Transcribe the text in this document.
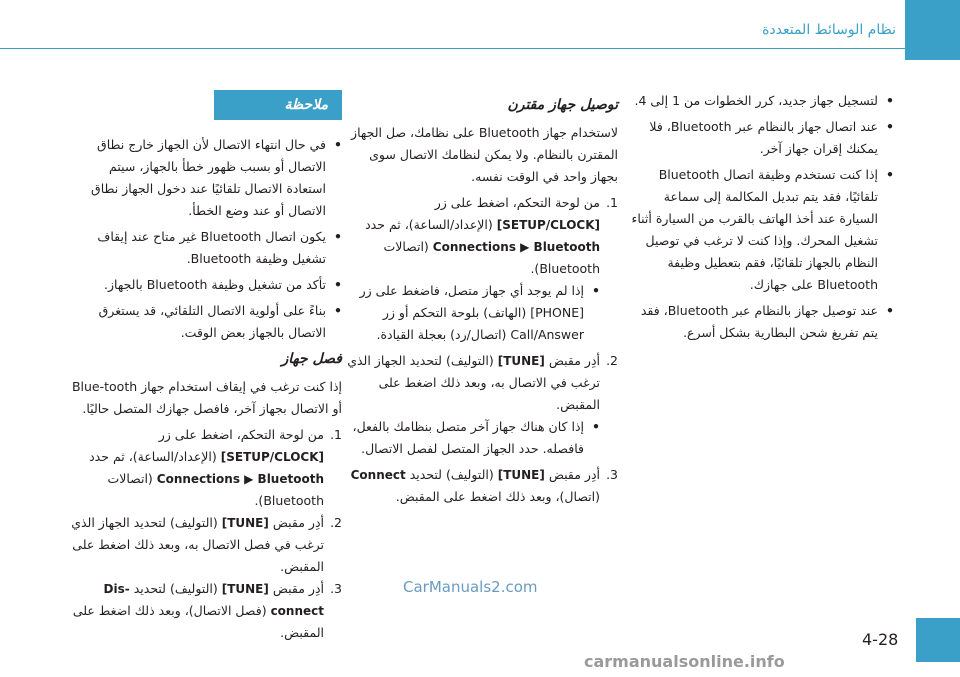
نظام الوسائط المتعددة
• لتسجيل جهاز جديد، كرر الخطوات من 1 إلى 4.
• عند اتصال جهاز بالنظام عبر Bluetooth، فلا يمكنك إقران جهاز آخر.
• إذا كنت تستخدم وظيفة اتصال Bluetooth تلقائيًا، فقد يتم تبديل المكالمة إلى سماعة السيارة عند أخذ الهاتف بالقرب من السيارة أثناء تشغيل المحرك. وإذا كنت لا ترغب في توصيل النظام بالجهاز تلقائيًا، فقم بتعطيل وظيفة Bluetooth على جهازك.
• عند توصيل جهاز بالنظام عبر Bluetooth، فقد يتم تفريغ شحن البطارية بشكل أسرع.
توصيل جهاز مقترن

لاستخدام جهاز Bluetooth على نظامك، صل الجهاز المقترن بالنظام. ولا يمكن لنظامك الاتصال سوى بجهاز واحد في الوقت نفسه.

1.
من لوحة التحكم، اضغط على زر [SETUP/CLOCK] (الإعداد/الساعة)، ثم حدد Connections ▶ Bluetooth (اتصالات Bluetooth).
• إذا لم يوجد أي جهاز متصل، فاضغط على زر [PHONE] (الهاتف) بلوحة التحكم أو زر Call/Answer (اتصال/رد) بعجلة القيادة.
2.
أدِر مقبض [TUNE] (التوليف) لتحديد الجهاز الذي ترغب في الاتصال به، وبعد ذلك اضغط على المقبض.
• إذا كان هناك جهاز آخر متصل بنظامك بالفعل، فافصله. حدد الجهاز المتصل لفصل الاتصال.
3.
أدِر مقبض [TUNE] (التوليف) لتحديد Connect (اتصال)، وبعد ذلك اضغط على المقبض.
ملاحظة
• في حال انتهاء الاتصال لأن الجهاز خارج نطاق الاتصال أو بسبب ظهور خطأ بالجهاز، سيتم استعادة الاتصال تلقائيًا عند دخول الجهاز نطاق الاتصال أو عند وضع الخطأ.
• يكون اتصال Bluetooth غير متاح عند إيقاف تشغيل وظيفة Bluetooth.
• تأكد من تشغيل وظيفة Bluetooth بالجهاز.
• بناءً على أولوية الاتصال التلقائي، قد يستغرق الاتصال بالجهاز بعض الوقت.
فصل جهاز

إذا كنت ترغب في إيقاف استخدام جهاز Blue-tooth أو الاتصال بجهاز آخر، فافصل جهازك المتصل حاليًا.

1.
من لوحة التحكم، اضغط على زر [SETUP/CLOCK] (الإعداد/الساعة)، ثم حدد Connections ▶ Bluetooth (اتصالات Bluetooth).
2.
أدِر مقبض [TUNE] (التوليف) لتحديد الجهاز الذي ترغب في فصل الاتصال به، وبعد ذلك اضغط على المقبض.
3.
أدِر مقبض [TUNE] (التوليف) لتحديد Dis-connect (فصل الاتصال)، وبعد ذلك اضغط على المقبض.
CarManuals2.com
4-28
carmanualsonline.info
